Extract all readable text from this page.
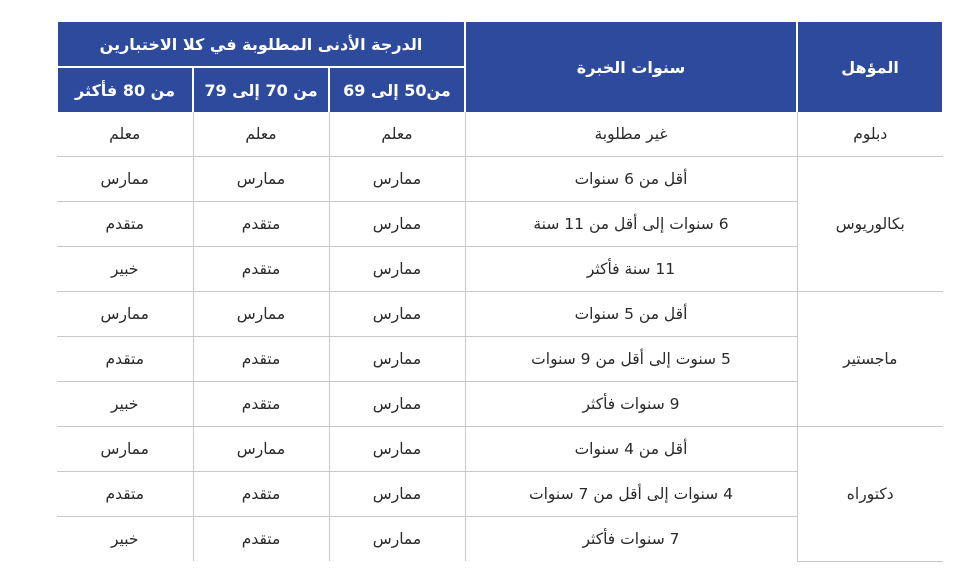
المؤهل	سنوات الخبرة	الدرجة الأدنى المطلوبة في كلا الاختبارين		
		من50 إلى 69	من 70 إلى 79	من 80 فأكثر
دبلوم	غير مطلوبة	معلم	معلم	معلم
بكالوريوس	أقل من 6 سنوات	ممارس	ممارس	ممارس
	6 سنوات إلى أقل من 11 سنة	ممارس	متقدم	متقدم
	11 سنة فأكثر	ممارس	متقدم	خبير
ماجستير	أقل من 5 سنوات	ممارس	ممارس	ممارس
	5 سنوت إلى أقل من 9 سنوات	ممارس	متقدم	متقدم
	9 سنوات فأكثر	ممارس	متقدم	خبير
دكتوراه	أقل من 4 سنوات	ممارس	ممارس	ممارس
	4 سنوات إلى أقل من 7 سنوات	ممارس	متقدم	متقدم
	7 سنوات فأكثر	ممارس	متقدم	خبير
